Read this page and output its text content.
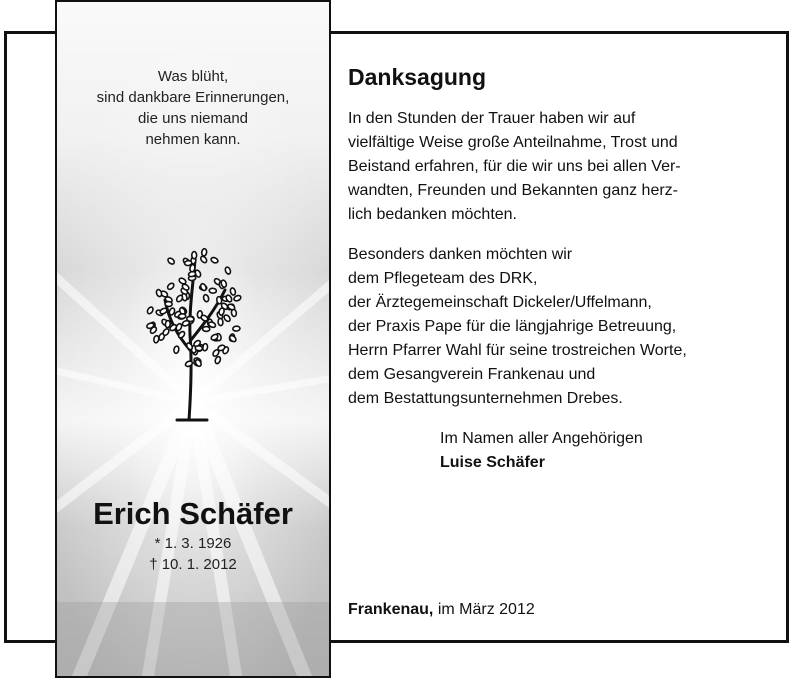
Was blüht,
sind dankbare Erinnerungen,
die uns niemand
nehmen kann.
Erich Schäfer
* 1. 3. 1926
† 10. 1. 2012
Danksagung
In den Stunden der Trauer haben wir auf
vielfältige Weise große Anteilnahme, Trost und
Beistand erfahren, für die wir uns bei allen Ver-
wandten, Freunden und Bekannten ganz herz-
lich bedanken möchten.
Besonders danken möchten wir
dem Pflegeteam des DRK,
der Ärztegemeinschaft Dickeler/Uffelmann,
der Praxis Pape für die längjahrige Betreuung,
Herrn Pfarrer Wahl für seine trostreichen Worte,
dem Gesangverein Frankenau und
dem Bestattungsunternehmen Drebes.
Im Namen aller Angehörigen
Luise Schäfer
Frankenau, im März 2012
